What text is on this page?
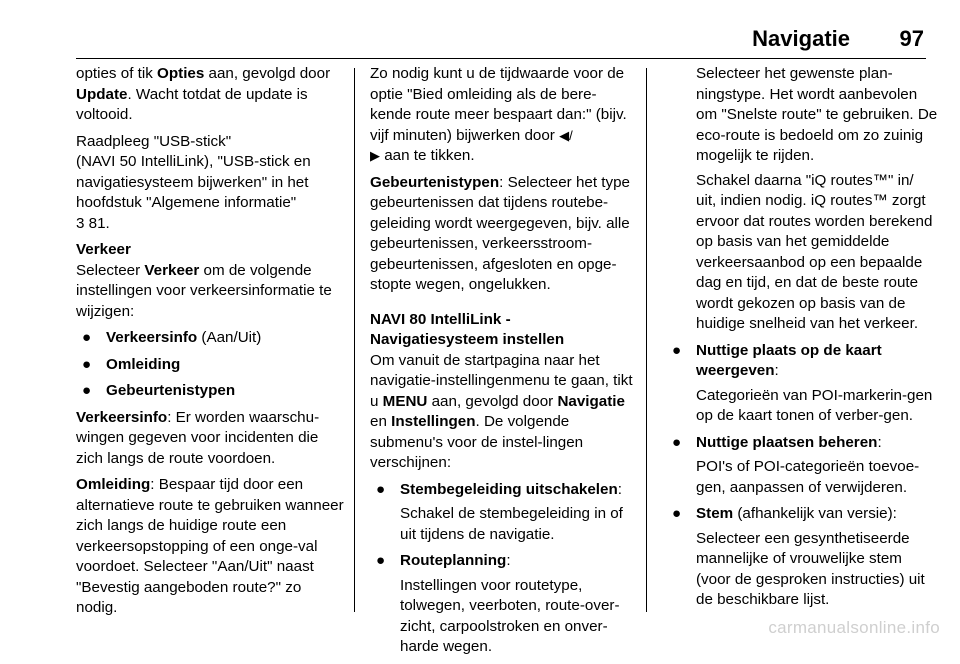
Navigatie 97

opties of tik Opties aan, gevolgd door Update. Wacht totdat de update is voltooid.

Raadpleeg "USB-stick"
(NAVI 50 IntelliLink), "USB-stick en navigatiesysteem bijwerken" in het hoofdstuk "Algemene informatie"
3 81.

Verkeer

Selecteer Verkeer om de volgende instellingen voor verkeersinformatie te wijzigen:

● Verkeersinfo (Aan/Uit)
● Omleiding
● Gebeurtenistypen

Verkeersinfo: Er worden waarschu-wingen gegeven voor incidenten die zich langs de route voordoen.

Omleiding: Bespaar tijd door een alternatieve route te gebruiken wanneer zich langs de huidige route een verkeersopstopping of een onge-val voordoet. Selecteer "Aan/Uit" naast "Bevestig aangeboden route?" zo nodig.

Zo nodig kunt u de tijdwaarde voor de optie "Bied omleiding als de bere-kende route meer bespaart dan:" (bijv. vijf minuten) bijwerken door ◀/
▶ aan te tikken.

Gebeurtenistypen: Selecteer het type gebeurtenissen dat tijdens routebe-geleiding wordt weergegeven, bijv. alle gebeurtenissen, verkeersstroom-gebeurtenissen, afgesloten en opge-stopte wegen, ongelukken.

NAVI 80 IntelliLink -
Navigatiesysteem instellen

Om vanuit de startpagina naar het navigatie-instellingenmenu te gaan, tikt u MENU aan, gevolgd door Navigatie en Instellingen. De volgende submenu's voor de instel-lingen verschijnen:

● Stembegeleiding uitschakelen:
Schakel de stembegeleiding in of uit tijdens de navigatie.
● Routeplanning:
Instellingen voor routetype, tolwegen, veerboten, route-over-zicht, carpoolstroken en onver-harde wegen.
Selecteer het gewenste plan-ningstype. Het wordt aanbevolen om "Snelste route" te gebruiken. De eco-route is bedoeld om zo zuinig mogelijk te rijden.
Schakel daarna "iQ routes™" in/ uit, indien nodig. iQ routes™ zorgt ervoor dat routes worden berekend op basis van het gemiddelde verkeersaanbod op een bepaalde dag en tijd, en dat de beste route wordt gekozen op basis van de huidige snelheid van het verkeer.
● Nuttige plaats op de kaart weergeven:
Categorieën van POI-markerin-gen op de kaart tonen of verber-gen.
● Nuttige plaatsen beheren:
POI's of POI-categorieën toevoe-gen, aanpassen of verwijderen.
● Stem (afhankelijk van versie):
Selecteer een gesynthetiseerde mannelijke of vrouwelijke stem (voor de gesproken instructies) uit de beschikbare lijst.
carmanualsonline.info
